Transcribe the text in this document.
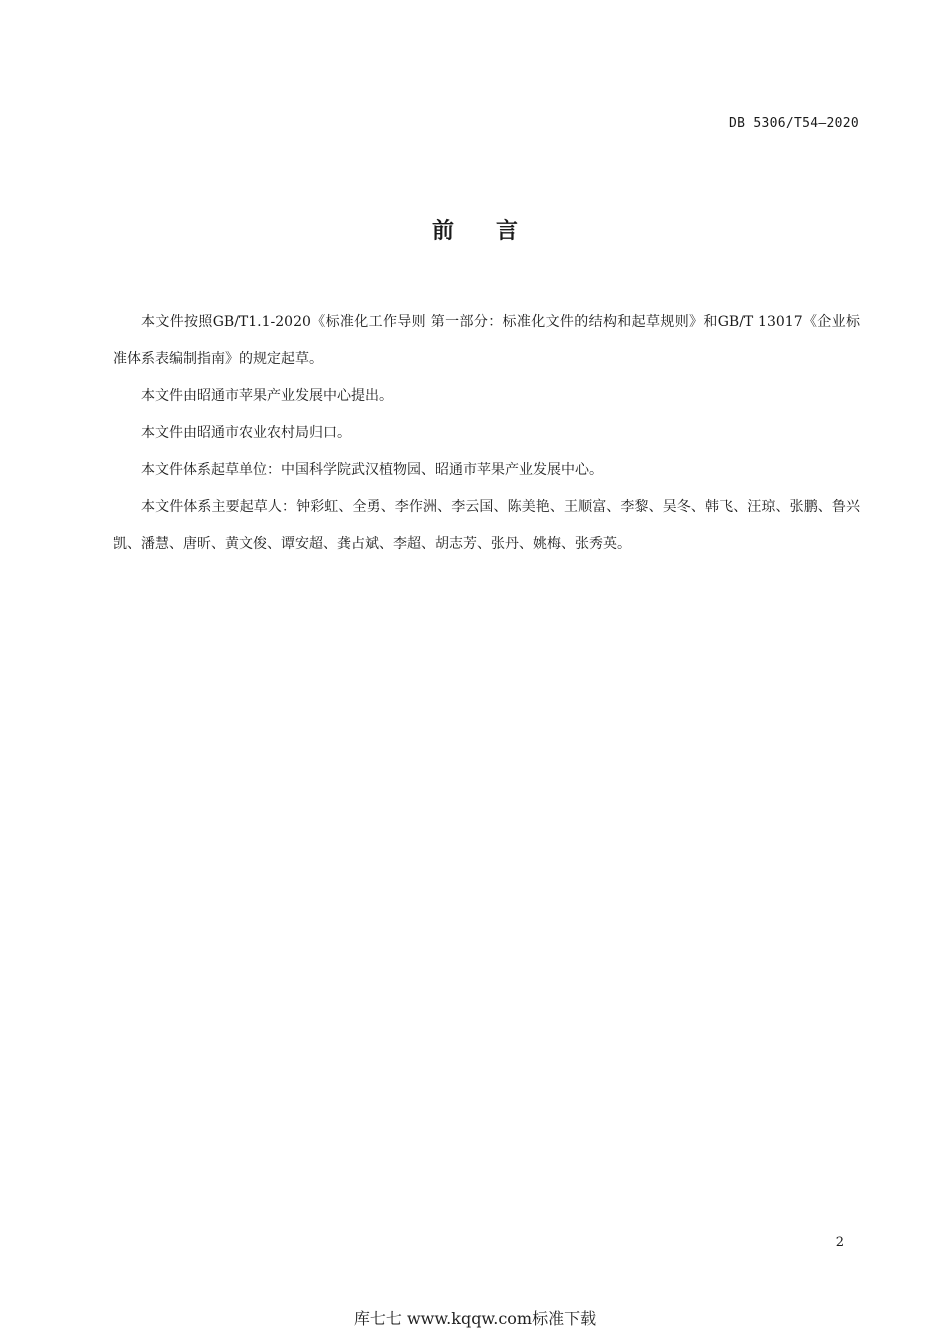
DB 5306/T54—2020
前言

本文件按照GB/T1.1-2020《标准化工作导则 第一部分：标准化文件的结构和起草规则》和GB/T 13017《企业标准体系表编制指南》的规定起草。

本文件由昭通市苹果产业发展中心提出。

本文件由昭通市农业农村局归口。

本文件体系起草单位：中国科学院武汉植物园、昭通市苹果产业发展中心。

本文件体系主要起草人：钟彩虹、全勇、李作洲、李云国、陈美艳、王顺富、李黎、吴冬、韩飞、汪琼、张鹏、鲁兴凯、潘慧、唐昕、黄文俊、谭安超、龚占斌、李超、胡志芳、张丹、姚梅、张秀英。

2
库七七 www.kqqw.com标准下载
